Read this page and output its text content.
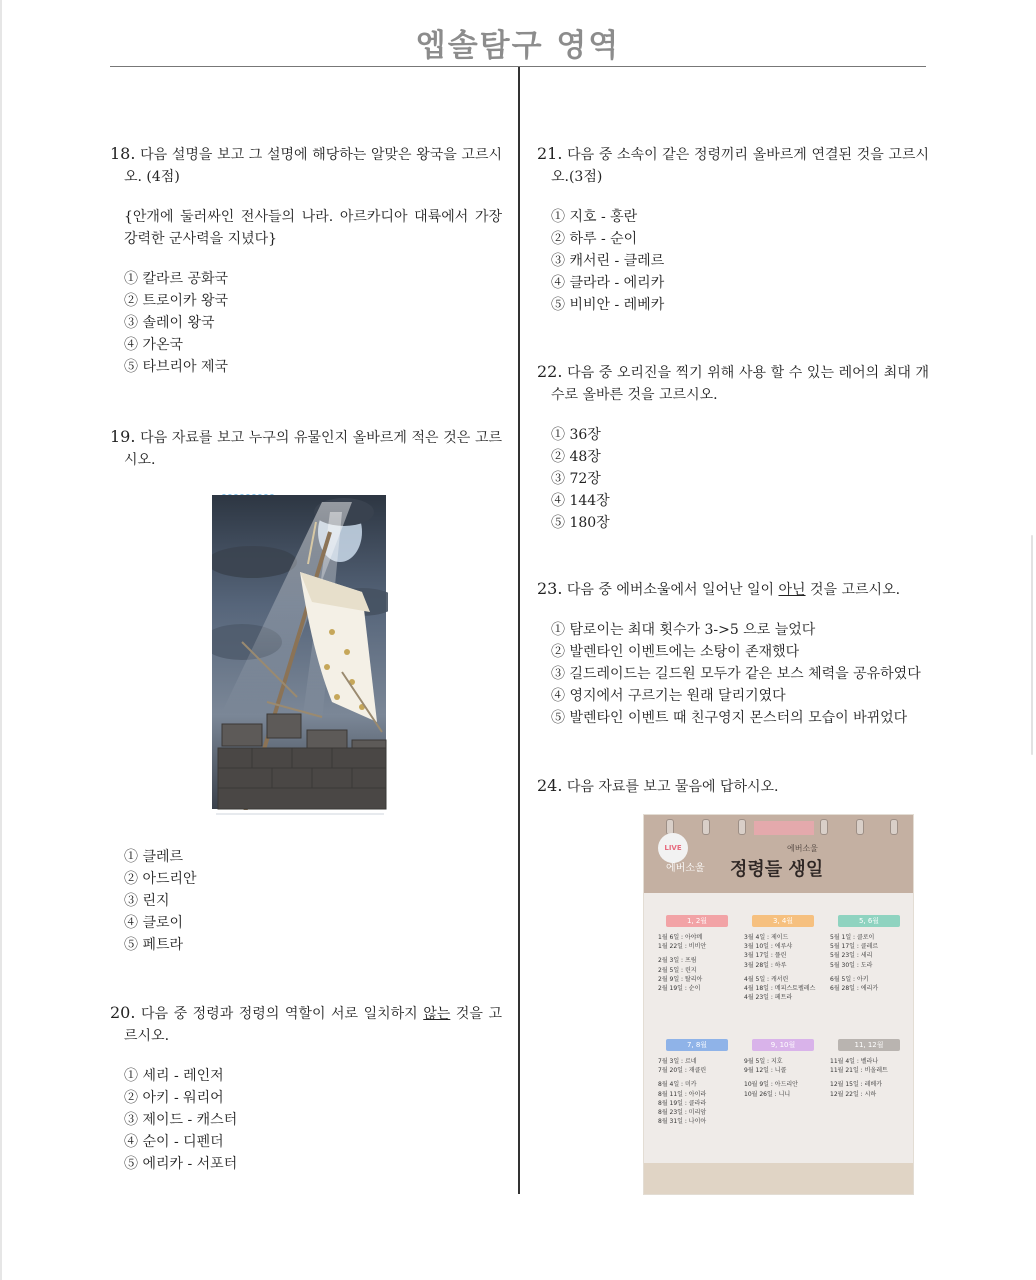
엡솔탐구 영역

18. 다음 설명을 보고 그 설명에 해당하는 알맞은 왕국을 고르시오. (4점)

{안개에 둘러싸인 전사들의 나라. 아르카디아 대륙에서 가장 강력한 군사력을 지녔다}
① 칼라르 공화국
② 트로이카 왕국
③ 솔레이 왕국
④ 가온국
⑤ 타브리아 제국

19. 다음 자료를 보고 누구의 유물인지 올바르게 적은 것은 고르시오.

① 클레르
② 아드리안
③ 린지
④ 클로이
⑤ 페트라

20. 다음 중 정령과 정령의 역할이 서로 일치하지 않는 것을 고르시오.

① 세리 - 레인저
② 아키 - 워리어
③ 제이드 - 캐스터
④ 순이 - 디펜더
⑤ 에리카 - 서포터

21. 다음 중 소속이 같은 정령끼리 올바르게 연결된 것을 고르시오.(3점)

① 지호 - 홍란
② 하루 - 순이
③ 캐서린 - 클레르
④ 클라라 - 에리카
⑤ 비비안 - 레베카

22. 다음 중 오리진을 찍기 위해 사용 할 수 있는 레어의 최대 개수로 올바른 것을 고르시오.

① 36장
② 48장
③ 72장
④ 144장
⑤ 180장

23. 다음 중 에버소울에서 일어난 일이 아닌 것을 고르시오.

① 탐로이는 최대 횟수가 3->5 으로 늘었다
② 발렌타인 이벤트에는 소탕이 존재했다
③ 길드레이드는 길드원 모두가 같은 보스 체력을 공유하였다
④ 영지에서 구르기는 원래 달리기였다
⑤ 발렌타인 이벤트 때 친구영지 몬스터의 모습이 바뀌었다

24. 다음 자료를 보고 물음에 답하시오.

LIVE
에버소울
에버소울
정령들 생일
1, 2월
1월 6일 : 아야메
1월 22일 : 비비안
2월 3일 : 프림
2월 5일 : 린지
2월 9일 : 탈리아
2월 19일 : 순이
3, 4월
3월 4일 : 제이드
3월 10일 : 에루샤
3월 17일 : 플린
3월 28일 : 하루
4월 5일 : 캐서린
4월 18일 : 메피스토펠레스
4월 23일 : 페트라
5, 6월
5월 1일 : 클로이
5월 17일 : 클레르
5월 23일 : 세리
5월 30일 : 도라
6월 5일 : 아키
6월 28일 : 에리카
7, 8월
7월 3일 : 르네
7월 20일 : 재클린
8월 4일 : 미카
8월 11일 : 아이라
8월 19일 : 클라라
8월 23일 : 미리암
8월 31일 : 나이아
9, 10월
9월 5일 : 지호
9월 12일 : 니콜
10월 9일 : 아드리안
10월 26일 : 니니
11, 12월
11월 4일 : 벨라나
11월 21일 : 비올레트
12월 15일 : 레베카
12월 22일 : 시하
